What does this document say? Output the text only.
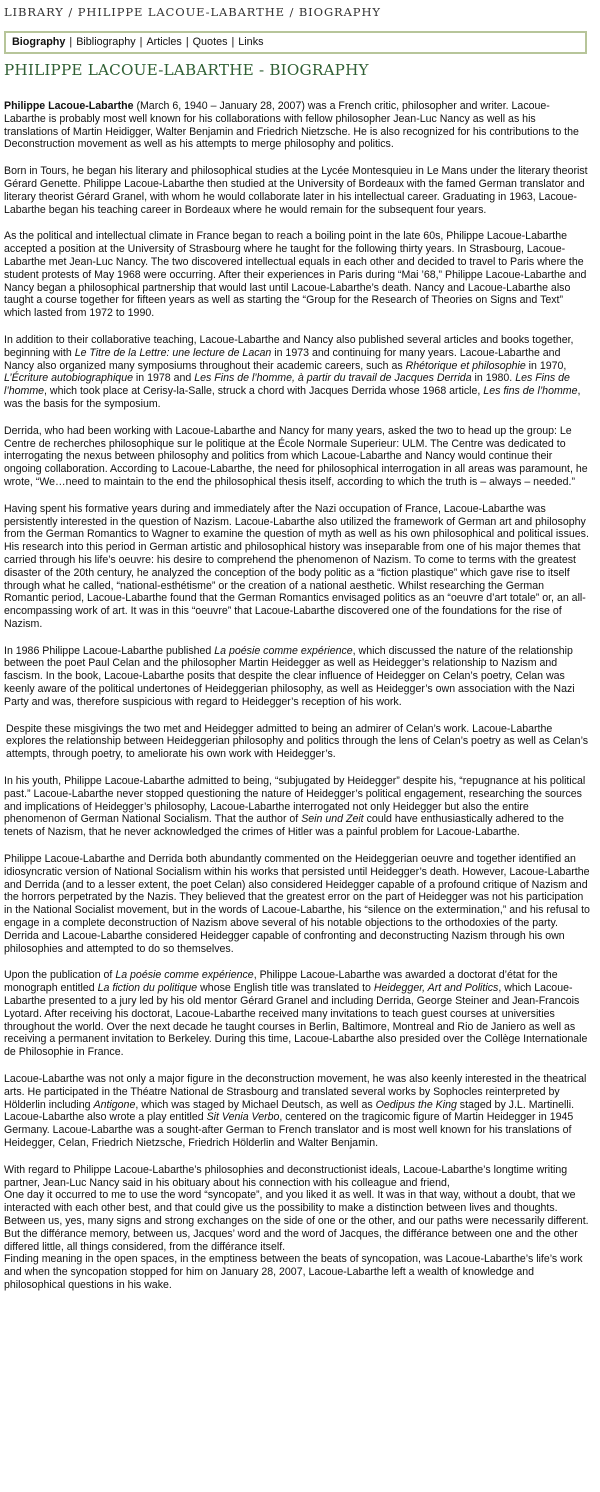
LIBRARY / PHILIPPE LACOUE-LABARTHE / BIOGRAPHY
Biography | Bibliography | Articles | Quotes | Links
PHILIPPE LACOUE-LABARTHE - BIOGRAPHY

Philippe Lacoue-Labarthe (March 6, 1940 – January 28, 2007) was a French critic, philosopher and writer. Lacoue-Labarthe is probably most well known for his collaborations with fellow philosopher Jean-Luc Nancy as well as his translations of Martin Heidigger, Walter Benjamin and Friedrich Nietzsche. He is also recognized for his contributions to the Deconstruction movement as well as his attempts to merge philosophy and politics.

Born in Tours, he began his literary and philosophical studies at the Lycée Montesquieu in Le Mans under the literary theorist Gérard Genette. Philippe Lacoue-Labarthe then studied at the University of Bordeaux with the famed German translator and literary theorist Gérard Granel, with whom he would collaborate later in his intellectual career. Graduating in 1963, Lacoue-Labarthe began his teaching career in Bordeaux where he would remain for the subsequent four years.

As the political and intellectual climate in France began to reach a boiling point in the late 60s, Philippe Lacoue-Labarthe accepted a position at the University of Strasbourg where he taught for the following thirty years. In Strasbourg, Lacoue-Labarthe met Jean-Luc Nancy. The two discovered intellectual equals in each other and decided to travel to Paris where the student protests of May 1968 were occurring. After their experiences in Paris during “Mai ’68,” Philippe Lacoue-Labarthe and Nancy began a philosophical partnership that would last until Lacoue-Labarthe’s death. Nancy and Lacoue-Labarthe also taught a course together for fifteen years as well as starting the “Group for the Research of Theories on Signs and Text” which lasted from 1972 to 1990.

In addition to their collaborative teaching, Lacoue-Labarthe and Nancy also published several articles and books together, beginning with Le Titre de la Lettre: une lecture de Lacan in 1973 and continuing for many years. Lacoue-Labarthe and Nancy also organized many symposiums throughout their academic careers, such as Rhétorique et philosophie in 1970, L’Écriture autobiographique in 1978 and Les Fins de l’homme, à partir du travail de Jacques Derrida in 1980. Les Fins de l’homme, which took place at Cerisy-la-Salle, struck a chord with Jacques Derrida whose 1968 article, Les fins de l’homme, was the basis for the symposium.

Derrida, who had been working with Lacoue-Labarthe and Nancy for many years, asked the two to head up the group: Le Centre de recherches philosophique sur le politique at the École Normale Superieur: ULM. The Centre was dedicated to interrogating the nexus between philosophy and politics from which Lacoue-Labarthe and Nancy would continue their ongoing collaboration. According to Lacoue-Labarthe, the need for philosophical interrogation in all areas was paramount, he wrote, “We…need to maintain to the end the philosophical thesis itself, according to which the truth is – always – needed.”

Having spent his formative years during and immediately after the Nazi occupation of France, Lacoue-Labarthe was persistently interested in the question of Nazism. Lacoue-Labarthe also utilized the framework of German art and philosophy from the German Romantics to Wagner to examine the question of myth as well as his own philosophical and political issues. His research into this period in German artistic and philosophical history was inseparable from one of his major themes that carried through his life’s oeuvre: his desire to comprehend the phenomenon of Nazism. To come to terms with the greatest disaster of the 20th century, he analyzed the conception of the body politic as a “fiction plastique” which gave rise to itself through what he called, “national-esthétisme” or the creation of a national aesthetic. Whilst researching the German Romantic period, Lacoue-Labarthe found that the German Romantics envisaged politics as an “oeuvre d’art totale” or, an all-encompassing work of art. It was in this “oeuvre” that Lacoue-Labarthe discovered one of the foundations for the rise of Nazism.

In 1986 Philippe Lacoue-Labarthe published La poésie comme expérience, which discussed the nature of the relationship between the poet Paul Celan and the philosopher Martin Heidegger as well as Heidegger’s relationship to Nazism and fascism. In the book, Lacoue-Labarthe posits that despite the clear influence of Heidegger on Celan’s poetry, Celan was keenly aware of the political undertones of Heideggerian philosophy, as well as Heidegger’s own association with the Nazi Party and was, therefore suspicious with regard to Heidegger’s reception of his work.

Despite these misgivings the two met and Heidegger admitted to being an admirer of Celan’s work. Lacoue-Labarthe explores the relationship between Heideggerian philosophy and politics through the lens of Celan’s poetry as well as Celan’s attempts, through poetry, to ameliorate his own work with Heidegger’s.

In his youth, Philippe Lacoue-Labarthe admitted to being, “subjugated by Heidegger” despite his, “repugnance at his political past.” Lacoue-Labarthe never stopped questioning the nature of Heidegger’s political engagement, researching the sources and implications of Heidegger’s philosophy, Lacoue-Labarthe interrogated not only Heidegger but also the entire phenomenon of German National Socialism. That the author of Sein und Zeit could have enthusiastically adhered to the tenets of Nazism, that he never acknowledged the crimes of Hitler was a painful problem for Lacoue-Labarthe.

Philippe Lacoue-Labarthe and Derrida both abundantly commented on the Heideggerian oeuvre and together identified an idiosyncratic version of National Socialism within his works that persisted until Heidegger’s death. However, Lacoue-Labarthe and Derrida (and to a lesser extent, the poet Celan) also considered Heidegger capable of a profound critique of Nazism and the horrors perpetrated by the Nazis. They believed that the greatest error on the part of Heidegger was not his participation in the National Socialist movement, but in the words of Lacoue-Labarthe, his “silence on the extermination,” and his refusal to engage in a complete deconstruction of Nazism above several of his notable objections to the orthodoxies of the party. Derrida and Lacoue-Labarthe considered Heidegger capable of confronting and deconstructing Nazism through his own philosophies and attempted to do so themselves.

Upon the publication of La poésie comme expérience, Philippe Lacoue-Labarthe was awarded a doctorat d’état for the monograph entitled La fiction du politique whose English title was translated to Heidegger, Art and Politics, which Lacoue-Labarthe presented to a jury led by his old mentor Gérard Granel and including Derrida, George Steiner and Jean-Francois Lyotard. After receiving his doctorat, Lacoue-Labarthe received many invitations to teach guest courses at universities throughout the world. Over the next decade he taught courses in Berlin, Baltimore, Montreal and Rio de Janiero as well as receiving a permanent invitation to Berkeley. During this time, Lacoue-Labarthe also presided over the Collège Internationale de Philosophie in France.

Lacoue-Labarthe was not only a major figure in the deconstruction movement, he was also keenly interested in the theatrical arts. He participated in the Théatre National de Strasbourg and translated several works by Sophocles reinterpreted by Hölderlin including Antigone, which was staged by Michael Deutsch, as well as Oedipus the King staged by J.L. Martinelli. Lacoue-Labarthe also wrote a play entitled Sit Venia Verbo, centered on the tragicomic figure of Martin Heidegger in 1945 Germany. Lacoue-Labarthe was a sought-after German to French translator and is most well known for his translations of Heidegger, Celan, Friedrich Nietzsche, Friedrich Hölderlin and Walter Benjamin.

With regard to Philippe Lacoue-Labarthe’s philosophies and deconstructionist ideals, Lacoue-Labarthe’s longtime writing partner, Jean-Luc Nancy said in his obituary about his connection with his colleague and friend,
One day it occurred to me to use the word “syncopate”, and you liked it as well. It was in that way, without a doubt, that we interacted with each other best, and that could give us the possibility to make a distinction between lives and thoughts. Between us, yes, many signs and strong exchanges on the side of one or the other, and our paths were necessarily different. But the différance memory, between us, Jacques’ word and the word of Jacques, the différance between one and the other differed little, all things considered, from the différance itself.
Finding meaning in the open spaces, in the emptiness between the beats of syncopation, was Lacoue-Labarthe’s life’s work and when the syncopation stopped for him on January 28, 2007, Lacoue-Labarthe left a wealth of knowledge and philosophical questions in his wake.
